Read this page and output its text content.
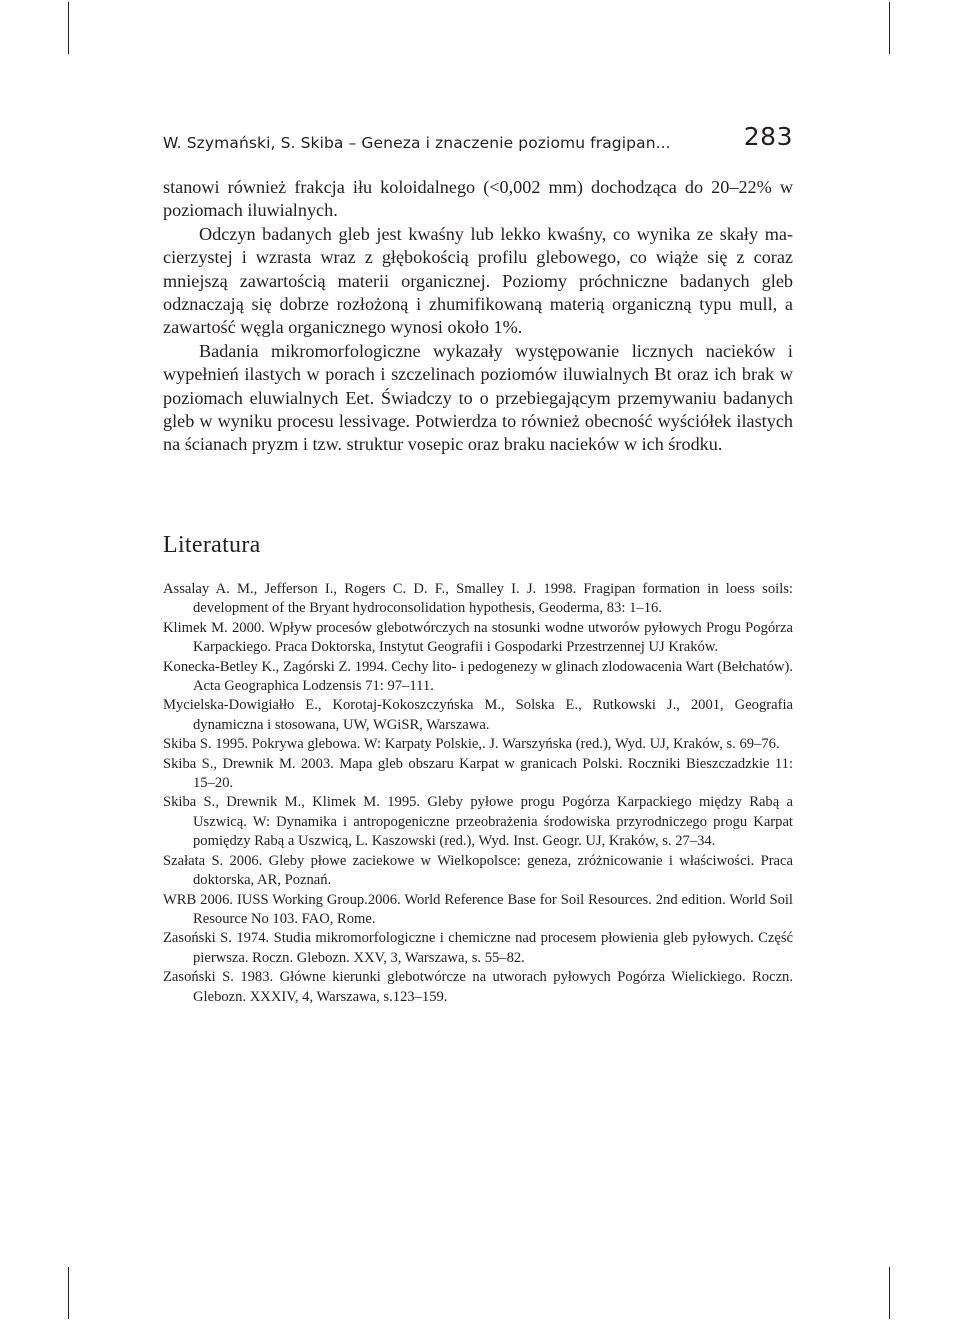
W. Szymański, S. Skiba – Geneza i znaczenie poziomu fragipan...	283

stanowi również frakcja iłu koloidalnego (<0,002 mm) dochodząca do 20–22% w poziomach iluwialnych.

Odczyn badanych gleb jest kwaśny lub lekko kwaśny, co wynika ze skały macierzystej i wzrasta wraz z głębokością profilu glebowego, co wiąże się z coraz mniejszą zawartością materii organicznej. Poziomy próchniczne badanych gleb odznaczają się dobrze rozłożoną i zhumifikowaną materią organiczną typu mull, a zawartość węgla organicznego wynosi około 1%.

Badania mikromorfologiczne wykazały występowanie licznych nacieków i wypełnień ilastych w porach i szczelinach poziomów iluwialnych Bt oraz ich brak w poziomach eluwialnych Eet. Świadczy to o przebiegającym przemywaniu badanych gleb w wyniku procesu lessivage. Potwierdza to również obecność wyściółek ilastych na ścianach pryzm i tzw. struktur vosepic oraz braku nacieków w ich środku.

Literatura
Assalay A. M., Jefferson I., Rogers C. D. F., Smalley I. J. 1998. Fragipan formation in loess soils: development of the Bryant hydroconsolidation hypothesis, Geoderma, 83: 1–16.
Klimek M. 2000. Wpływ procesów glebotwórczych na stosunki wodne utworów pyłowych Progu Pogórza Karpackiego. Praca Doktorska, Instytut Geografii i Gospodarki Przestrzennej UJ Kraków.
Konecka-Betley K., Zagórski Z. 1994. Cechy lito- i pedogenezy w glinach zlodowacenia Wart (Bełchatów). Acta Geographica Lodzensis 71: 97–111.
Mycielska-Dowigiałło E., Korotaj-Kokoszczyńska M., Solska E., Rutkowski J., 2001, Geografia dynamiczna i stosowana, UW, WGiSR, Warszawa.
Skiba S. 1995. Pokrywa glebowa. W: Karpaty Polskie,. J. Warszyńska (red.), Wyd. UJ, Kraków, s. 69–76.
Skiba S., Drewnik M. 2003. Mapa gleb obszaru Karpat w granicach Polski. Roczniki Bieszczadzkie 11: 15–20.
Skiba S., Drewnik M., Klimek M. 1995. Gleby pyłowe progu Pogórza Karpackiego między Rabą a Uszwicą. W: Dynamika i antropogeniczne przeobrażenia środowiska przyrodniczego progu Karpat pomiędzy Rabą a Uszwicą, L. Kaszowski (red.), Wyd. Inst. Geogr. UJ, Kraków, s. 27–34.
Szałata S. 2006. Gleby płowe zaciekowe w Wielkopolsce: geneza, zróżnicowanie i właściwości. Praca doktorska, AR, Poznań.
WRB 2006. IUSS Working Group.2006. World Reference Base for Soil Resources. 2nd edition. World Soil Resource No 103. FAO, Rome.
Zasoński S. 1974. Studia mikromorfologiczne i chemiczne nad procesem płowienia gleb pyłowych. Część pierwsza. Roczn. Glebozn. XXV, 3, Warszawa, s. 55–82.
Zasoński S. 1983. Główne kierunki glebotwórcze na utworach pyłowych Pogórza Wielickiego. Roczn. Glebozn. XXXIV, 4, Warszawa, s.123–159.
